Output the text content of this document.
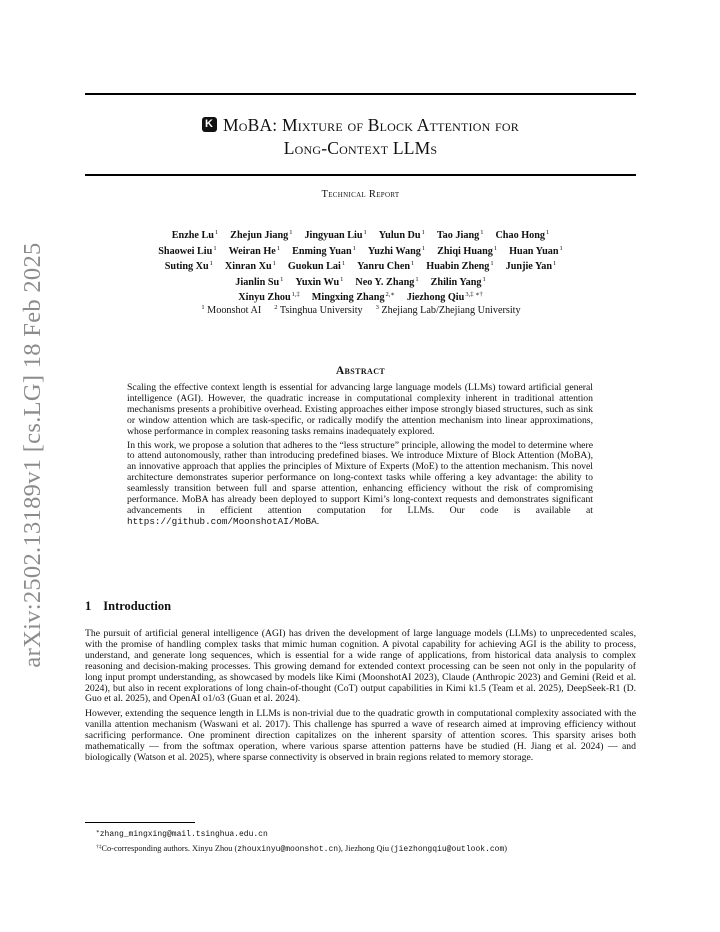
arXiv:2502.13189v1 [cs.LG] 18 Feb 2025
KMoBA: Mixture of Block Attention for
Long-Context LLMs
Technical Report
Enzhe Lu$^1$ Zhejun Jiang$^1$ Jingyuan Liu$^1$ Yulun Du$^1$ Tao Jiang$^1$ Chao Hong$^1$
Shaowei Liu$^1$ Weiran He$^1$ Enming Yuan$^1$ Yuzhi Wang$^1$ Zhiqi Huang$^1$ Huan Yuan$^1$
Suting Xu$^1$ Xinran Xu$^1$ Guokun Lai$^1$ Yanru Chen$^1$ Huabin Zheng$^1$ Junjie Yan$^1$
Jianlin Su$^1$ Yuxin Wu$^1$ Neo Y. Zhang$^1$ Zhilin Yang$^1$
Xinyu Zhou$^{1,\ddagger}$ Mingxing Zhang$^{2,∗}$ Jiezhong Qiu$^{3,\ddagger ∗\dagger}$
$^1$ Moonshot AI $^2$ Tsinghua University $^3$ Zhejiang Lab/Zhejiang University
Abstract

Scaling the effective context length is essential for advancing large language models (LLMs) toward artificial general intelligence (AGI). However, the quadratic increase in computational complexity inherent in traditional attention mechanisms presents a prohibitive overhead. Existing approaches either impose strongly biased structures, such as sink or window attention which are task-specific, or radically modify the attention mechanism into linear approximations, whose performance in complex reasoning tasks remains inadequately explored.

In this work, we propose a solution that adheres to the “less structure” principle, allowing the model to determine where to attend autonomously, rather than introducing predefined biases. We introduce Mixture of Block Attention (MoBA), an innovative approach that applies the principles of Mixture of Experts (MoE) to the attention mechanism. This novel architecture demonstrates superior performance on long-context tasks while offering a key advantage: the ability to seamlessly transition between full and sparse attention, enhancing efficiency without the risk of compromising performance. MoBA has already been deployed to support Kimi’s long-context requests and demonstrates significant advancements in efficient attention computation for LLMs. Our code is available at https://github.com/MoonshotAI/MoBA.

1 Introduction

The pursuit of artificial general intelligence (AGI) has driven the development of large language models (LLMs) to unprecedented scales, with the promise of handling complex tasks that mimic human cognition. A pivotal capability for achieving AGI is the ability to process, understand, and generate long sequences, which is essential for a wide range of applications, from historical data analysis to complex reasoning and decision-making processes. This growing demand for extended context processing can be seen not only in the popularity of long input prompt understanding, as showcased by models like Kimi (MoonshotAI 2023), Claude (Anthropic 2023) and Gemini (Reid et al. 2024), but also in recent explorations of long chain-of-thought (CoT) output capabilities in Kimi k1.5 (Team et al. 2025), DeepSeek-R1 (D. Guo et al. 2025), and OpenAI o1/o3 (Guan et al. 2024).

However, extending the sequence length in LLMs is non-trivial due to the quadratic growth in computational complexity associated with the vanilla attention mechanism (Waswani et al. 2017). This challenge has spurred a wave of research aimed at improving efficiency without sacrificing performance. One prominent direction capitalizes on the inherent sparsity of attention scores. This sparsity arises both mathematically — from the softmax operation, where various sparse attention patterns have be studied (H. Jiang et al. 2024) — and biologically (Watson et al. 2025), where sparse connectivity is observed in brain regions related to memory storage.

∗zhang_mingxing@mail.tsinghua.edu.cn
†‡Co-corresponding authors. Xinyu Zhou (zhouxinyu@moonshot.cn), Jiezhong Qiu (jiezhongqiu@outlook.com)
